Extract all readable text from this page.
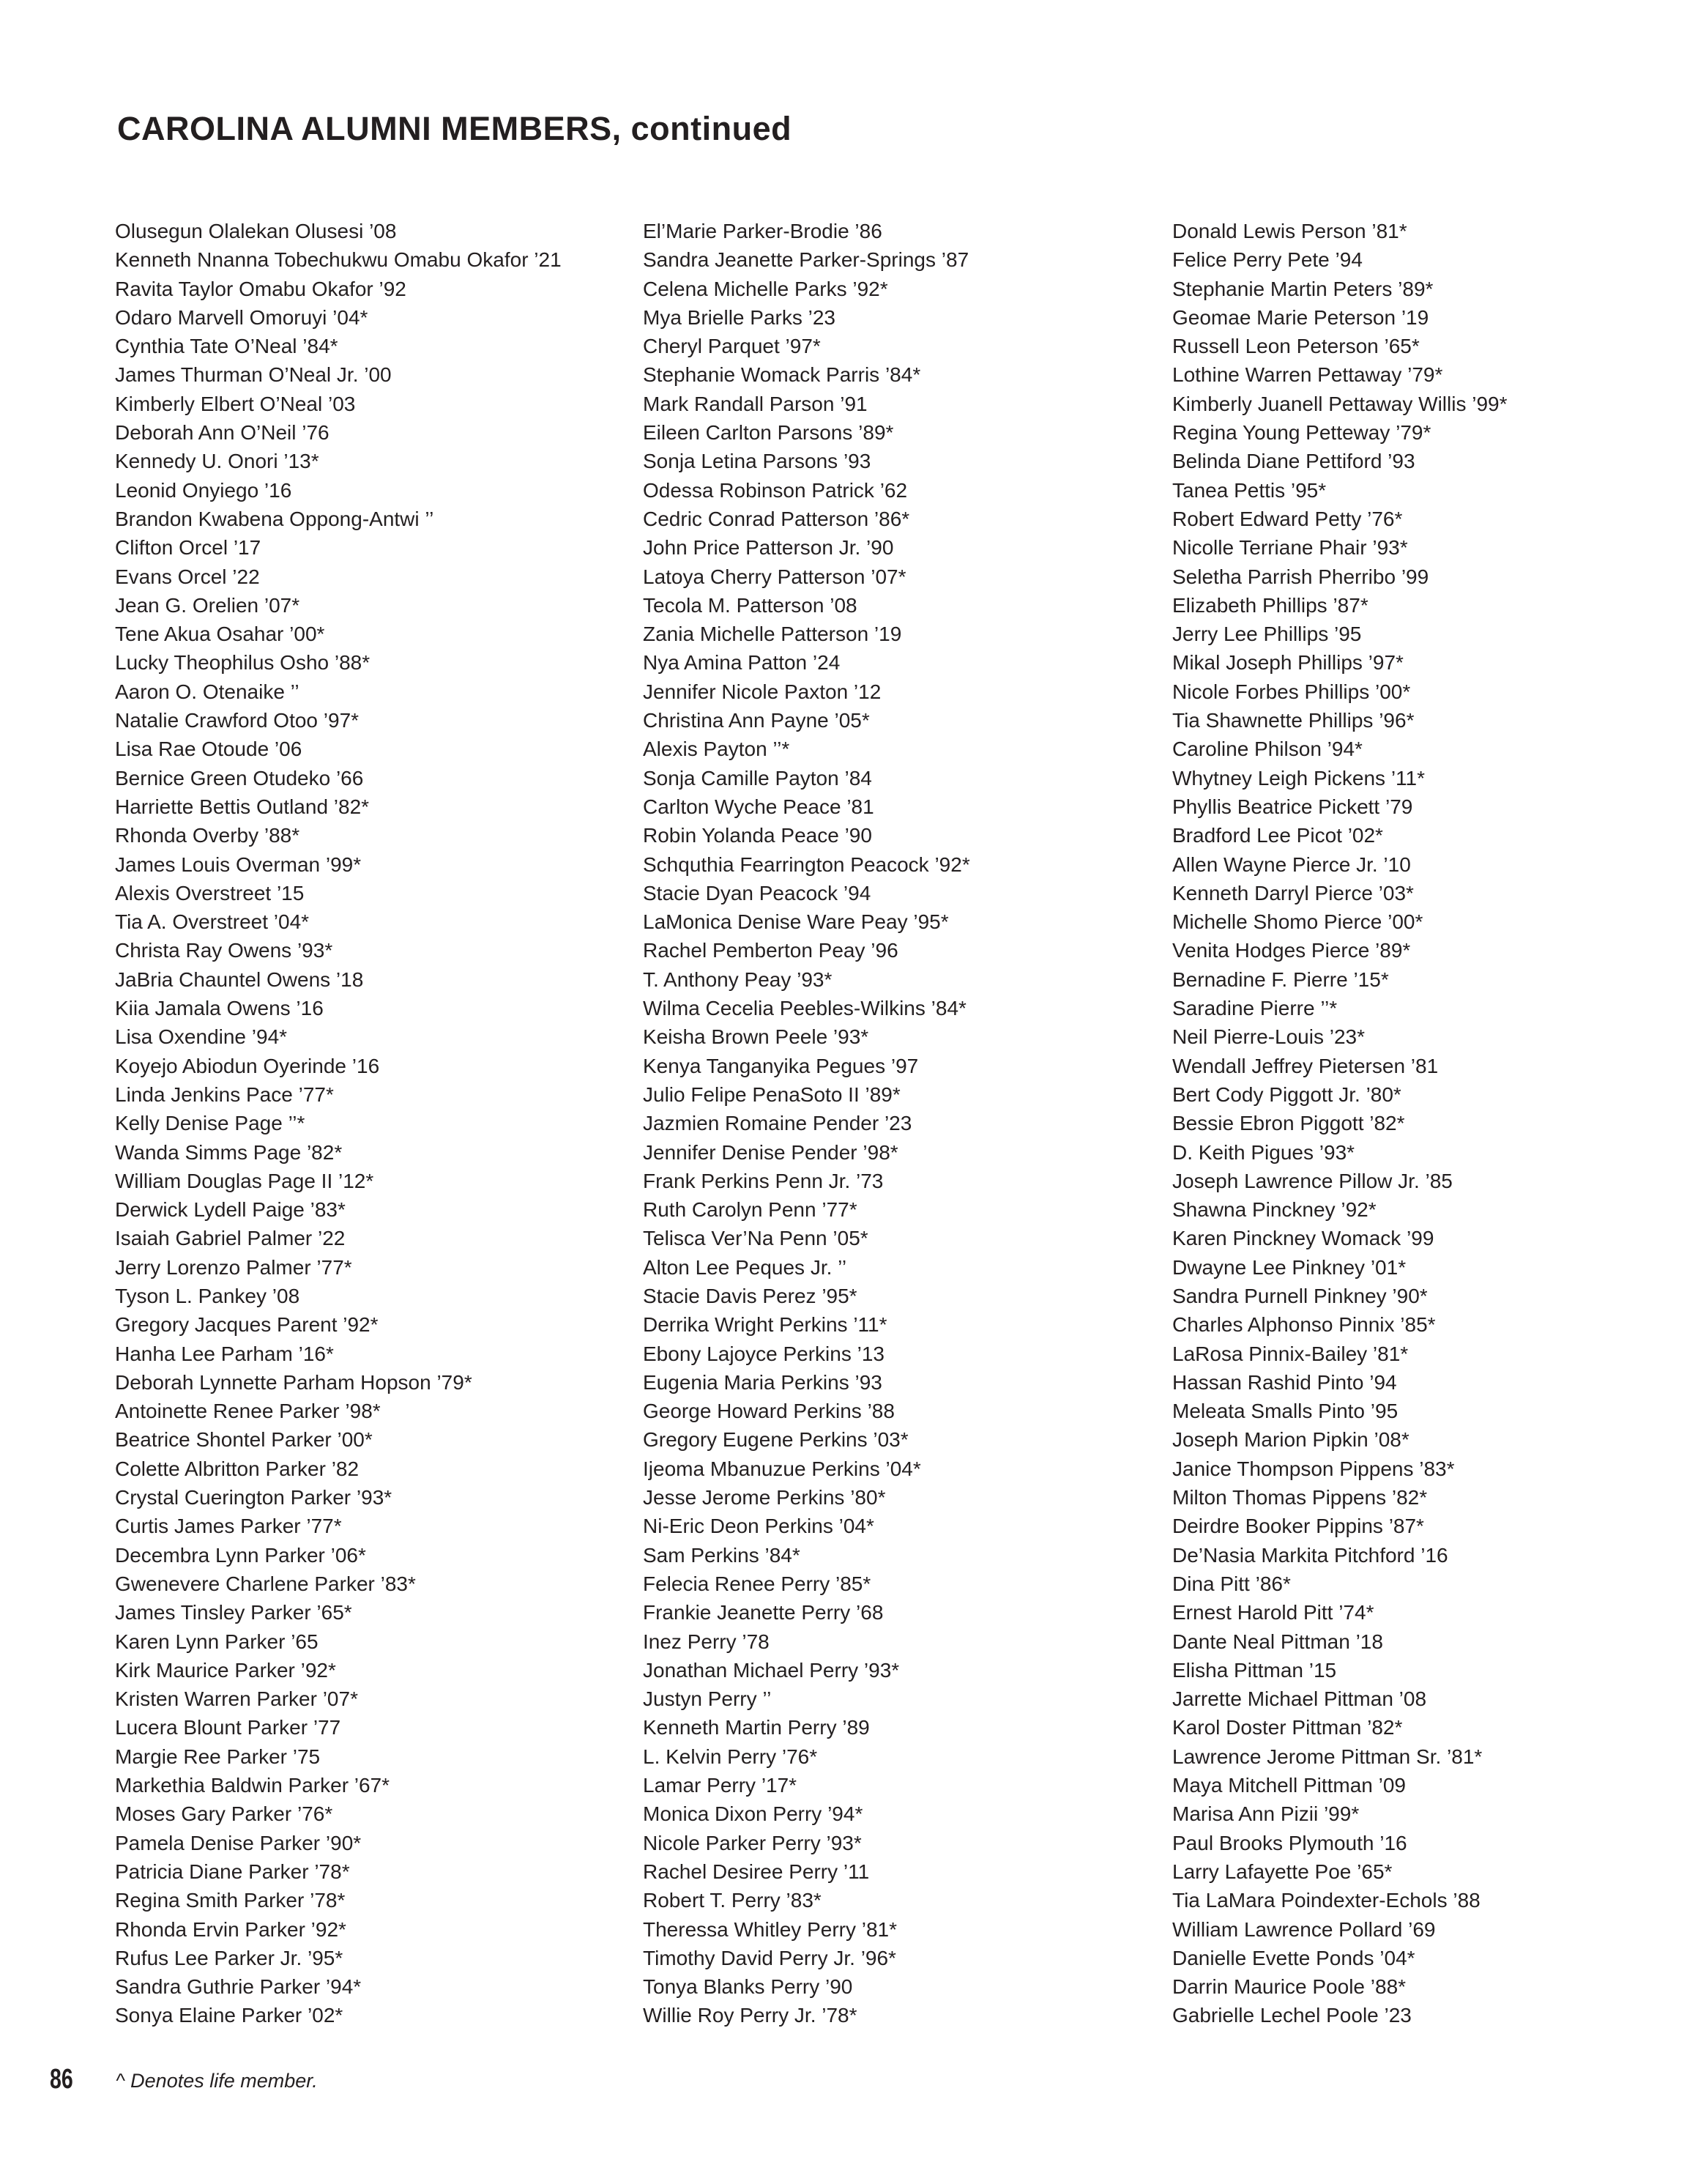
CAROLINA ALUMNI MEMBERS, continued
Olusegun Olalekan Olusesi ’08
Kenneth Nnanna Tobechukwu Omabu Okafor ’21
Ravita Taylor Omabu Okafor ’92
Odaro Marvell Omoruyi ’04*
Cynthia Tate O’Neal ’84*
James Thurman O’Neal Jr. ’00
Kimberly Elbert O’Neal ’03
Deborah Ann O’Neil ’76
Kennedy U. Onori ’13*
Leonid Onyiego ’16
Brandon Kwabena Oppong-Antwi ’’
Clifton Orcel ’17
Evans Orcel ’22
Jean G. Orelien ’07*
Tene Akua Osahar ’00*
Lucky Theophilus Osho ’88*
Aaron O. Otenaike ’’
Natalie Crawford Otoo ’97*
Lisa Rae Otoude ’06
Bernice Green Otudeko ’66
Harriette Bettis Outland ’82*
Rhonda Overby ’88*
James Louis Overman ’99*
Alexis Overstreet ’15
Tia A. Overstreet ’04*
Christa Ray Owens ’93*
JaBria Chauntel Owens ’18
Kiia Jamala Owens ’16
Lisa Oxendine ’94*
Koyejo Abiodun Oyerinde ’16
Linda Jenkins Pace ’77*
Kelly Denise Page ’’*
Wanda Simms Page ’82*
William Douglas Page II ’12*
Derwick Lydell Paige ’83*
Isaiah Gabriel Palmer ’22
Jerry Lorenzo Palmer ’77*
Tyson L. Pankey ’08
Gregory Jacques Parent ’92*
Hanha Lee Parham ’16*
Deborah Lynnette Parham Hopson ’79*
Antoinette Renee Parker ’98*
Beatrice Shontel Parker ’00*
Colette Albritton Parker ’82
Crystal Cuerington Parker ’93*
Curtis James Parker ’77*
Decembra Lynn Parker ’06*
Gwenevere Charlene Parker ’83*
James Tinsley Parker ’65*
Karen Lynn Parker ’65
Kirk Maurice Parker ’92*
Kristen Warren Parker ’07*
Lucera Blount Parker ’77
Margie Ree Parker ’75
Markethia Baldwin Parker ’67*
Moses Gary Parker ’76*
Pamela Denise Parker ’90*
Patricia Diane Parker ’78*
Regina Smith Parker ’78*
Rhonda Ervin Parker ’92*
Rufus Lee Parker Jr. ’95*
Sandra Guthrie Parker ’94*
Sonya Elaine Parker ’02*
El’Marie Parker-Brodie ’86
Sandra Jeanette Parker-Springs ’87
Celena Michelle Parks ’92*
Mya Brielle Parks ’23
Cheryl Parquet ’97*
Stephanie Womack Parris ’84*
Mark Randall Parson ’91
Eileen Carlton Parsons ’89*
Sonja Letina Parsons ’93
Odessa Robinson Patrick ’62
Cedric Conrad Patterson ’86*
John Price Patterson Jr. ’90
Latoya Cherry Patterson ’07*
Tecola M. Patterson ’08
Zania Michelle Patterson ’19
Nya Amina Patton ’24
Jennifer Nicole Paxton ’12
Christina Ann Payne ’05*
Alexis Payton ’’*
Sonja Camille Payton ’84
Carlton Wyche Peace ’81
Robin Yolanda Peace ’90
Schquthia Fearrington Peacock ’92*
Stacie Dyan Peacock ’94
LaMonica Denise Ware Peay ’95*
Rachel Pemberton Peay ’96
T. Anthony Peay ’93*
Wilma Cecelia Peebles-Wilkins ’84*
Keisha Brown Peele ’93*
Kenya Tanganyika Pegues ’97
Julio Felipe PenaSoto II ’89*
Jazmien Romaine Pender ’23
Jennifer Denise Pender ’98*
Frank Perkins Penn Jr. ’73
Ruth Carolyn Penn ’77*
Telisca Ver’Na Penn ’05*
Alton Lee Peques Jr. ’’
Stacie Davis Perez ’95*
Derrika Wright Perkins ’11*
Ebony Lajoyce Perkins ’13
Eugenia Maria Perkins ’93
George Howard Perkins ’88
Gregory Eugene Perkins ’03*
Ijeoma Mbanuzue Perkins ’04*
Jesse Jerome Perkins ’80*
Ni-Eric Deon Perkins ’04*
Sam Perkins ’84*
Felecia Renee Perry ’85*
Frankie Jeanette Perry ’68
Inez Perry ’78
Jonathan Michael Perry ’93*
Justyn Perry ’’
Kenneth Martin Perry ’89
L. Kelvin Perry ’76*
Lamar Perry ’17*
Monica Dixon Perry ’94*
Nicole Parker Perry ’93*
Rachel Desiree Perry ’11
Robert T. Perry ’83*
Theressa Whitley Perry ’81*
Timothy David Perry Jr. ’96*
Tonya Blanks Perry ’90
Willie Roy Perry Jr. ’78*
Donald Lewis Person ’81*
Felice Perry Pete ’94
Stephanie Martin Peters ’89*
Geomae Marie Peterson ’19
Russell Leon Peterson ’65*
Lothine Warren Pettaway ’79*
Kimberly Juanell Pettaway Willis ’99*
Regina Young Petteway ’79*
Belinda Diane Pettiford ’93
Tanea Pettis ’95*
Robert Edward Petty ’76*
Nicolle Terriane Phair ’93*
Seletha Parrish Pherribo ’99
Elizabeth Phillips ’87*
Jerry Lee Phillips ’95
Mikal Joseph Phillips ’97*
Nicole Forbes Phillips ’00*
Tia Shawnette Phillips ’96*
Caroline Philson ’94*
Whytney Leigh Pickens ’11*
Phyllis Beatrice Pickett ’79
Bradford Lee Picot ’02*
Allen Wayne Pierce Jr. ’10
Kenneth Darryl Pierce ’03*
Michelle Shomo Pierce ’00*
Venita Hodges Pierce ’89*
Bernadine F. Pierre ’15*
Saradine Pierre ’’*
Neil Pierre-Louis ’23*
Wendall Jeffrey Pietersen ’81
Bert Cody Piggott Jr. ’80*
Bessie Ebron Piggott ’82*
D. Keith Pigues ’93*
Joseph Lawrence Pillow Jr. ’85
Shawna Pinckney ’92*
Karen Pinckney Womack ’99
Dwayne Lee Pinkney ’01*
Sandra Purnell Pinkney ’90*
Charles Alphonso Pinnix ’85*
LaRosa Pinnix-Bailey ’81*
Hassan Rashid Pinto ’94
Meleata Smalls Pinto ’95
Joseph Marion Pipkin ’08*
Janice Thompson Pippens ’83*
Milton Thomas Pippens ’82*
Deirdre Booker Pippins ’87*
De’Nasia Markita Pitchford ’16
Dina Pitt ’86*
Ernest Harold Pitt ’74*
Dante Neal Pittman ’18
Elisha Pittman ’15
Jarrette Michael Pittman ’08
Karol Doster Pittman ’82*
Lawrence Jerome Pittman Sr. ’81*
Maya Mitchell Pittman ’09
Marisa Ann Pizii ’99*
Paul Brooks Plymouth ’16
Larry Lafayette Poe ’65*
Tia LaMara Poindexter-Echols ’88
William Lawrence Pollard ’69
Danielle Evette Ponds ’04*
Darrin Maurice Poole ’88*
Gabrielle Lechel Poole ’23
86 ^ Denotes life member.
